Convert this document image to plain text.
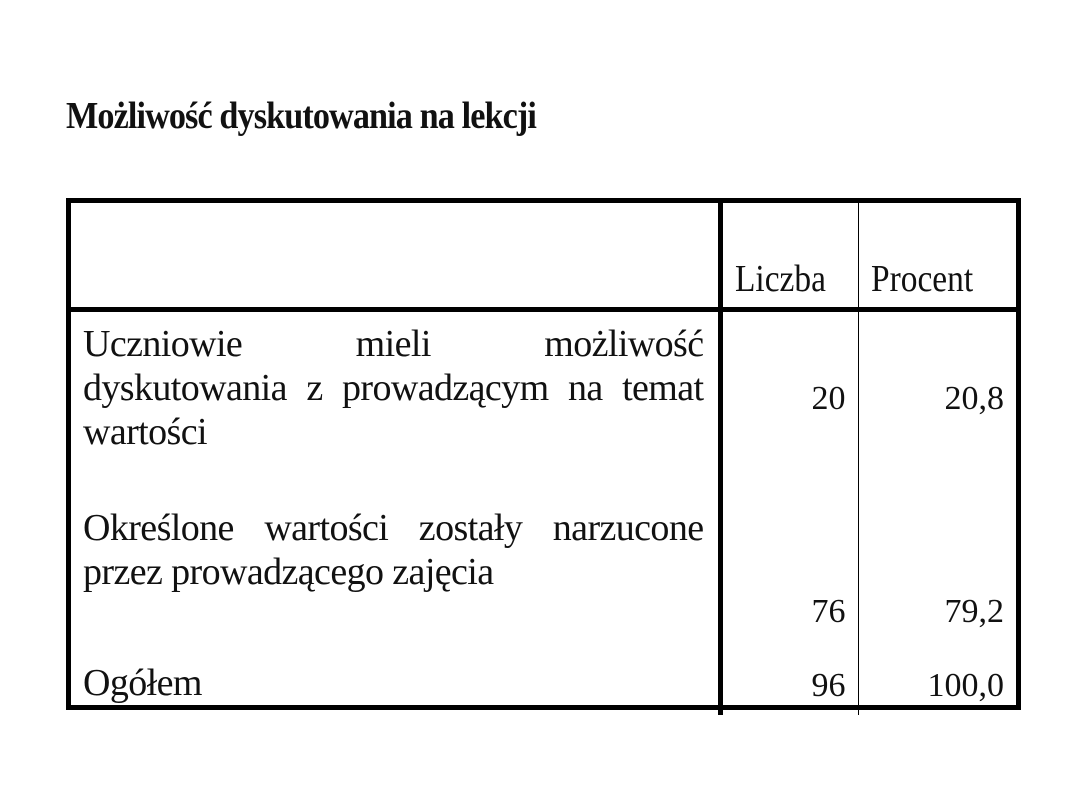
Możliwość dyskutowania na lekcji
	Liczba	Procent
Uczniowie mieli możliwość dyskutowania z prowadzącym na temat wartości	20	20,8
Określone wartości zostały narzucone przez prowadzącego zajęcia	76	79,2
Ogółem	96	100,0
